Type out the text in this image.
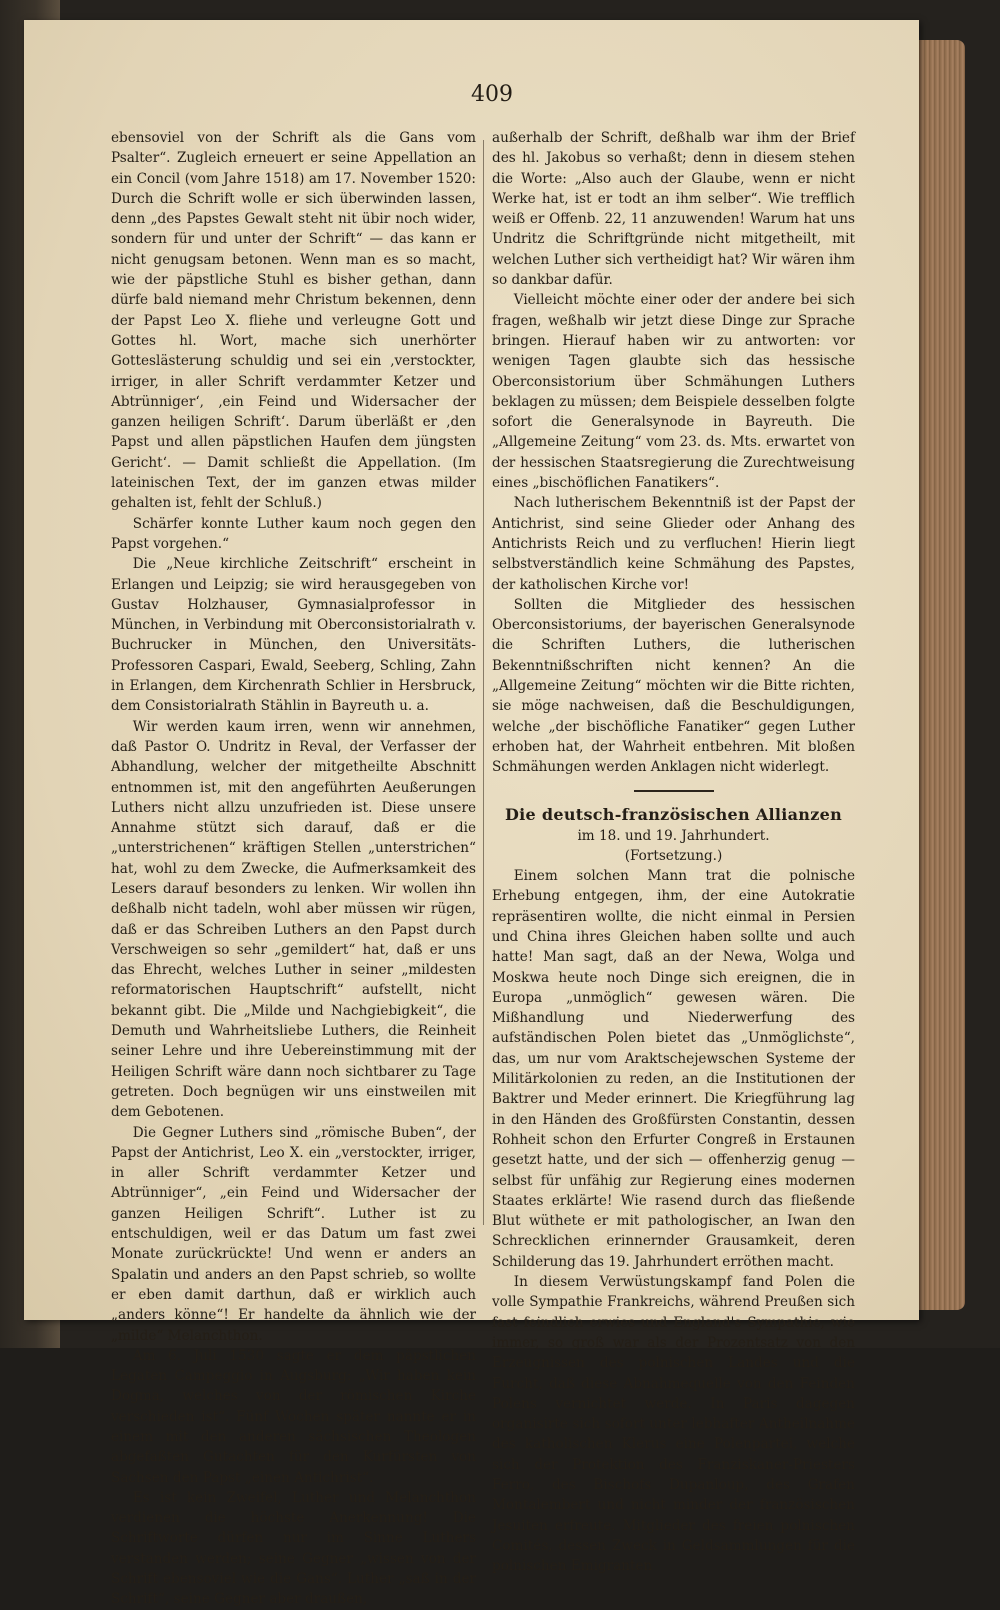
409

ebensoviel von der Schrift als die Gans vom Psalter“. Zugleich erneuert er seine Appellation an ein Concil (vom Jahre 1518) am 17. November 1520: Durch die Schrift wolle er sich überwinden lassen, denn „des Papstes Gewalt steht nit übir noch wider, sondern für und unter der Schrift“ — das kann er nicht genugsam betonen. Wenn man es so macht, wie der päpstliche Stuhl es bisher gethan, dann dürfe bald niemand mehr Christum bekennen, denn der Papst Leo X. fliehe und verleugne Gott und Gottes hl. Wort, mache sich unerhörter Gotteslästerung schuldig und sei ein ‚verstockter, irriger, in aller Schrift verdammter Ketzer und Abtrünniger‘, ‚ein Feind und Widersacher der ganzen heiligen Schrift‘. Darum überläßt er ‚den Papst und allen päpstlichen Haufen dem jüngsten Gericht‘. — Damit schließt die Appellation. (Im lateinischen Text, der im ganzen etwas milder gehalten ist, fehlt der Schluß.)

Schärfer konnte Luther kaum noch gegen den Papst vorgehen.“

Die „Neue kirchliche Zeitschrift“ erscheint in Erlangen und Leipzig; sie wird herausgegeben von Gustav Holzhauser, Gymnasialprofessor in München, in Verbindung mit Oberconsistorialrath v. Buchrucker in München, den Universitäts-Professoren Caspari, Ewald, Seeberg, Schling, Zahn in Erlangen, dem Kirchenrath Schlier in Hersbruck, dem Consistorialrath Stählin in Bayreuth u. a.

Wir werden kaum irren, wenn wir annehmen, daß Pastor O. Undritz in Reval, der Verfasser der Abhandlung, welcher der mitgetheilte Abschnitt entnommen ist, mit den angeführten Aeußerungen Luthers nicht allzu unzufrieden ist. Diese unsere Annahme stützt sich darauf, daß er die „unterstrichenen“ kräftigen Stellen „unterstrichen“ hat, wohl zu dem Zwecke, die Aufmerksamkeit des Lesers darauf besonders zu lenken. Wir wollen ihn deßhalb nicht tadeln, wohl aber müssen wir rügen, daß er das Schreiben Luthers an den Papst durch Verschweigen so sehr „gemildert“ hat, daß er uns das Ehrecht, welches Luther in seiner „mildesten reformatorischen Hauptschrift“ aufstellt, nicht bekannt gibt. Die „Milde und Nachgiebigkeit“, die Demuth und Wahrheitsliebe Luthers, die Reinheit seiner Lehre und ihre Uebereinstimmung mit der Heiligen Schrift wäre dann noch sichtbarer zu Tage getreten. Doch begnügen wir uns einstweilen mit dem Gebotenen.

Die Gegner Luthers sind „römische Buben“, der Papst der Antichrist, Leo X. ein „verstockter, irriger, in aller Schrift verdammter Ketzer und Abtrünniger“, „ein Feind und Widersacher der ganzen Heiligen Schrift“. Luther ist zu entschuldigen, weil er das Datum um fast zwei Monate zurückrückte! Und wenn er anders an Spalatin und anders an den Papst schrieb, so wollte er eben damit darthun, daß er wirklich auch „anders könne“! Er handelte da ähnlich wie der „milde“ Melanchthon.

Am 6. Juli 1530 sagte er dem päpstlichen Legaten Campeggio in Augsburg: „Wir haben kein Dogma, welches von der römischen Kirche verschieden ist“. Fünf Wochen später nannte er in einem mit den anderen sächsischen Theologen abgefaßten Gutachten für den Kurfürsten von Sachsen den Papst „einen Antichrist“.

Es ist kein Zweifel, Luther und Melanchthon verdienen die höchste Anerkennung! Die Schriftworte dürfen nur im Sinne Luthers verstanden werden; seine Gegner „wissen von der Schrift ebensoviel wie die Gans“. Luther „saß in der Schrift“, seine Gegner aber draußen,

außerhalb der Schrift, deßhalb war ihm der Brief des hl. Jakobus so verhaßt; denn in diesem stehen die Worte: „Also auch der Glaube, wenn er nicht Werke hat, ist er todt an ihm selber“. Wie trefflich weiß er Offenb. 22, 11 anzuwenden! Warum hat uns Undritz die Schriftgründe nicht mitgetheilt, mit welchen Luther sich vertheidigt hat? Wir wären ihm so dankbar dafür.

Vielleicht möchte einer oder der andere bei sich fragen, weßhalb wir jetzt diese Dinge zur Sprache bringen. Hierauf haben wir zu antworten: vor wenigen Tagen glaubte sich das hessische Oberconsistorium über Schmähungen Luthers beklagen zu müssen; dem Beispiele desselben folgte sofort die Generalsynode in Bayreuth. Die „Allgemeine Zeitung“ vom 23. ds. Mts. erwartet von der hessischen Staatsregierung die Zurechtweisung eines „bischöflichen Fanatikers“.

Nach lutherischem Bekenntniß ist der Papst der Antichrist, sind seine Glieder oder Anhang des Antichrists Reich und zu verfluchen! Hierin liegt selbstverständlich keine Schmähung des Papstes, der katholischen Kirche vor!

Sollten die Mitglieder des hessischen Oberconsistoriums, der bayerischen Generalsynode die Schriften Luthers, die lutherischen Bekenntnißschriften nicht kennen? An die „Allgemeine Zeitung“ möchten wir die Bitte richten, sie möge nachweisen, daß die Beschuldigungen, welche „der bischöfliche Fanatiker“ gegen Luther erhoben hat, der Wahrheit entbehren. Mit bloßen Schmähungen werden Anklagen nicht widerlegt.

Die deutsch-französischen Allianzen

im 18. und 19. Jahrhundert.

(Fortsetzung.)

Einem solchen Mann trat die polnische Erhebung entgegen, ihm, der eine Autokratie repräsentiren wollte, die nicht einmal in Persien und China ihres Gleichen haben sollte und auch hatte! Man sagt, daß an der Newa, Wolga und Moskwa heute noch Dinge sich ereignen, die in Europa „unmöglich“ gewesen wären. Die Mißhandlung und Niederwerfung des aufständischen Polen bietet das „Unmöglichste“, das, um nur vom Araktschejewschen Systeme der Militärkolonien zu reden, an die Institutionen der Baktrer und Meder erinnert. Die Kriegführung lag in den Händen des Großfürsten Constantin, dessen Rohheit schon den Erfurter Congreß in Erstaunen gesetzt hatte, und der sich — offenherzig genug — selbst für unfähig zur Regierung eines modernen Staates erklärte! Wie rasend durch das fließende Blut wüthete er mit pathologischer, an Iwan den Schrecklichen erinnernder Grausamkeit, deren Schilderung das 19. Jahrhundert erröthen macht.

In diesem Verwüstungskampf fand Polen die volle Sympathie Frankreichs, während Preußen sich fast feindlich erwies und England's Sympathie, wie immer, so groß war als der Prozentsatz von den Erzeugnissen des polnischen Landes und die Furcht, daß diese Abnahmequelle von den Feinden Polens vernichtet werde. In Paris dagegen organisirte sich sofort unter lebhafter Antheilnahme des katholischen Klerus eine Polenpartei, welche sich der Protektion des Franziskaner-Priesters Ferro, des Bischofs Dupanloup, des Grafen Montalembert und nicht minder der französischen Jesuiten erfreute. Mitglieder des freien polnischen Comités, dessen Zweck in Geldsammlungen für die polnischen Emigranten
